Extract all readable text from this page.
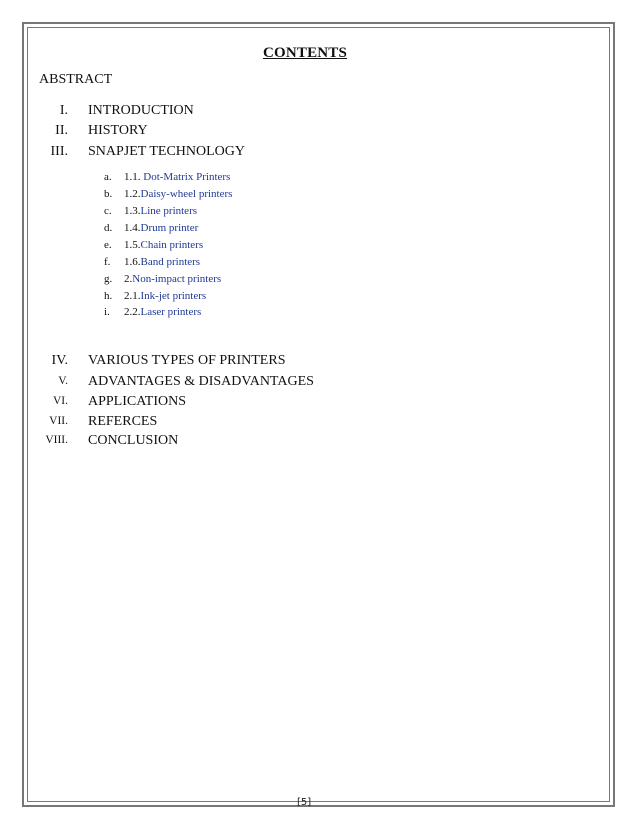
CONTENTS
ABSTRACT
I. INTRODUCTION
II. HISTORY
III. SNAPJET TECHNOLOGY
a. 1.1. Dot-Matrix Printers
b. 1.2.Daisy-wheel printers
c. 1.3.Line printers
d. 1.4.Drum printer
e. 1.5.Chain printers
f. 1.6.Band printers
g. 2.Non-impact printers
h. 2.1.Ink-jet printers
i. 2.2.Laser printers
IV. VARIOUS TYPES OF PRINTERS
V. ADVANTAGES & DISADVANTAGES
VI. APPLICATIONS
VII. REFERCES
VIII. CONCLUSION
[5]
